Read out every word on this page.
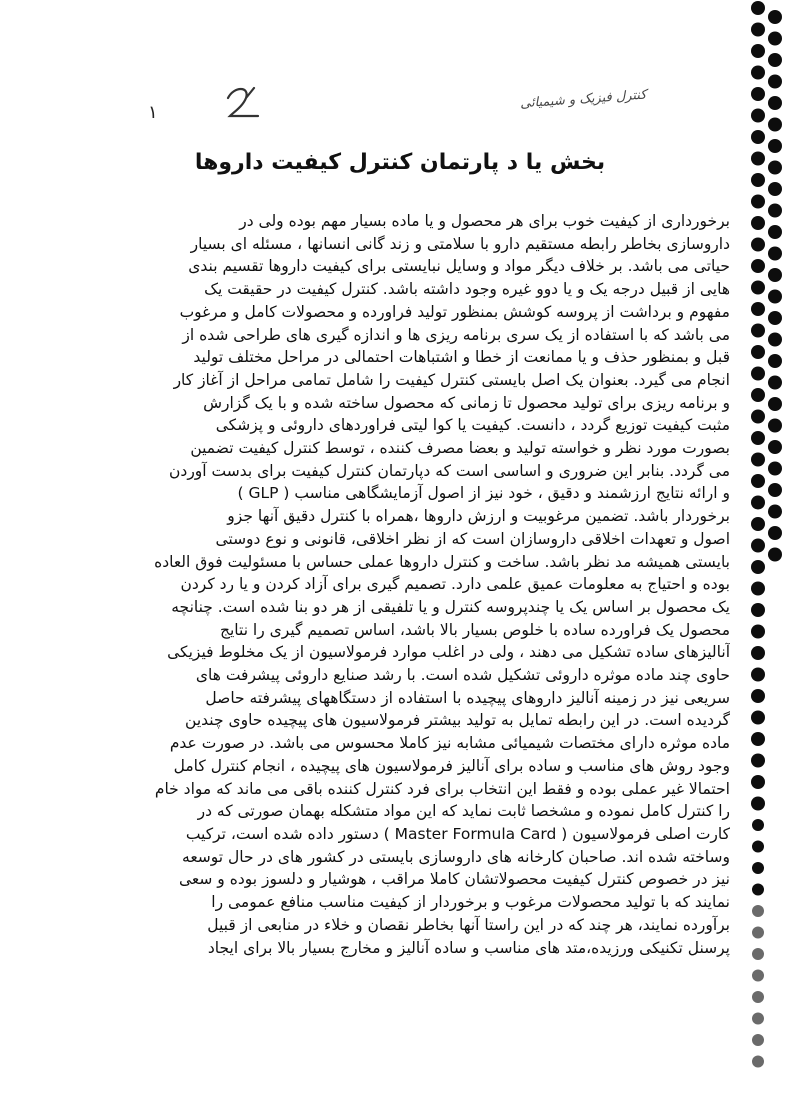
١
کنترل فیزیک و شیمیائی
بخش یا د پارتمان کنترل کیفیت داروها
برخورداری از کیفیت خوب برای هر محصول و یا ماده بسیار مهم بوده ولی در
داروسازی بخاطر رابطه مستقیم دارو با سلامتی و زند گانی انسانها ، مسئله ای بسیار
حیاتی می باشد. بر خلاف دیگر مواد و وسایل نبایستی برای کیفیت داروها تقسیم بندی
هایی از قبیل درجه یک و یا دوو غیره وجود داشته باشد. کنترل کیفیت در حقیقت یک
مفهوم و برداشت از پروسه کوشش بمنظور تولید فراورده و محصولات کامل و مرغوب
می باشد که با استفاده از یک سری برنامه ریزی ها و اندازه گیری های طراحی شده از
قبل و بمنظور حذف و یا ممانعت از خطا و اشتباهات احتمالی در مراحل مختلف تولید
انجام می گیرد. بعنوان یک اصل بایستی کنترل کیفیت را شامل تمامی مراحل از آغاز کار
و برنامه ریزی برای تولید محصول تا زمانی که محصول ساخته شده و با یک گزارش
مثبت کیفیت توزیع گردد ، دانست. کیفیت یا کوا لیتی فراوردهای داروئی و پزشکی
بصورت مورد نظر و خواسته تولید و بعضا مصرف کننده ، توسط کنترل کیفیت تضمین
می گردد. بنابر این ضروری و اساسی است که دپارتمان کنترل کیفیت برای بدست آوردن
و ارائه نتایج ارزشمند و دقیق ، خود نیز از اصول آزمایشگاهی مناسب ( GLP )
برخوردار باشد. تضمین مرغوبیت و ارزش داروها ،همراه با کنترل دقیق آنها جزو
اصول و تعهدات اخلاقی داروسازان است که از نظر اخلاقی، قانونی و نوع دوستی
بایستی همیشه مد نظر باشد. ساخت و کنترل داروها عملی حساس با مسئولیت فوق العاده
بوده و احتیاج به معلومات عمیق علمی دارد. تصمیم گیری برای آزاد کردن و یا رد کردن
یک محصول بر اساس یک یا چندپروسه کنترل و یا تلفیقی از هر دو بنا شده است. چنانچه
محصول یک فراورده ساده با خلوص بسیار بالا باشد، اساس تصمیم گیری را نتایج
آنالیزهای ساده تشکیل می دهند ، ولی در اغلب موارد فرمولاسیون از یک مخلوط فیزیکی
حاوی چند ماده موثره داروئی تشکیل شده است. با رشد صنایع داروئی پیشرفت های
سریعی نیز در زمینه آنالیز داروهای پیچیده با استفاده از دستگاههای پیشرفته حاصل
گردیده است. در این رابطه تمایل به تولید بیشتر فرمولاسیون های پیچیده حاوی چندین
ماده موثره دارای مختصات شیمیائی مشابه نیز کاملا محسوس می باشد. در صورت عدم
وجود روش های مناسب و ساده برای آنالیز فرمولاسیون های پیچیده ، انجام کنترل کامل
احتمالا غیر عملی بوده و فقط این انتخاب برای فرد کنترل کننده باقی می ماند که مواد خام
را کنترل کامل نموده و مشخصا ثابت نماید که این مواد متشکله بهمان صورتی که در
کارت اصلی فرمولاسیون ( Master Formula Card ) دستور داده شده است، ترکیب
وساخته شده اند. صاحبان کارخانه های داروسازی بایستی در کشور های در حال توسعه
نیز در خصوص کنترل کیفیت محصولاتشان کاملا مراقب ، هوشیار و دلسوز بوده و سعی
نمایند که با تولید محصولات مرغوب و برخوردار از کیفیت مناسب منافع عمومی را
برآورده نمایند، هر چند که در این راستا آنها بخاطر نقصان و خلاء در منابعی از قبیل
پرسنل تکنیکی ورزیده،متد های مناسب و ساده آنالیز و مخارج بسیار بالا برای ایجاد
